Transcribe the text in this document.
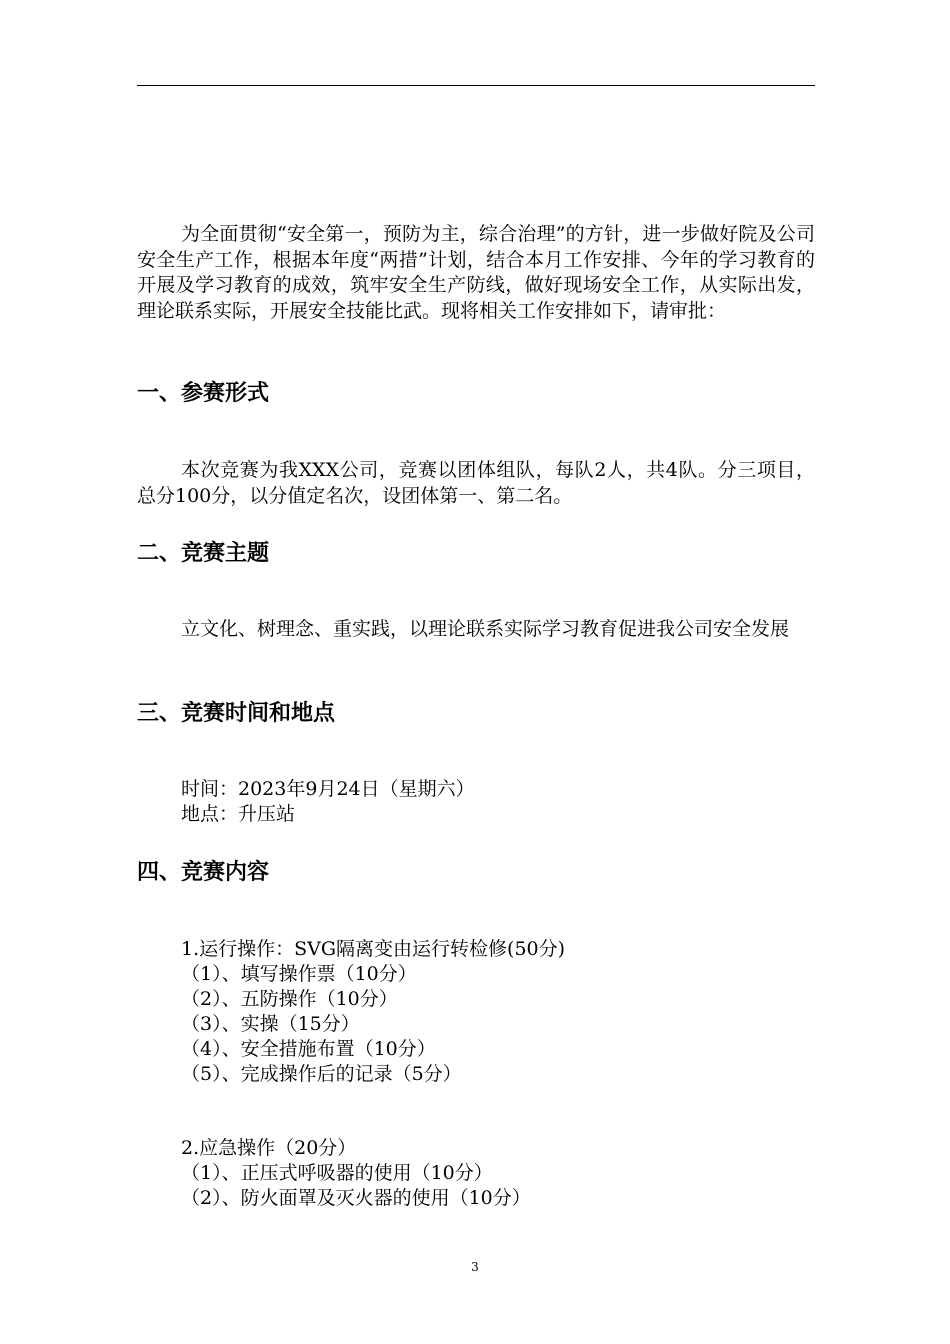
为全面贯彻“安全第一，预防为主，综合治理”的方针，进一步做好院及公司安全生产工作，根据本年度“两措”计划，结合本月工作安排、今年的学习教育的开展及学习教育的成效，筑牢安全生产防线，做好现场安全工作，从实际出发，理论联系实际，开展安全技能比武。现将相关工作安排如下，请审批：

一、参赛形式

本次竞赛为我XXX公司，竞赛以团体组队，每队2人，共4队。分三项目，总分100分，以分值定名次，设团体第一、第二名。

二、竞赛主题

立文化、树理念、重实践，以理论联系实际学习教育促进我公司安全发展

三、竞赛时间和地点

时间：2023年9月24日（星期六）

地点：升压站

四、竞赛内容

1.运行操作：SVG隔离变由运行转检修(50分)

（1）、填写操作票（10分）

（2）、五防操作（10分）

（3）、实操（15分）

（4）、安全措施布置（10分）

（5）、完成操作后的记录（5分）

2.应急操作（20分）

（1）、正压式呼吸器的使用（10分）

（2）、防火面罩及灭火器的使用（10分）

3
